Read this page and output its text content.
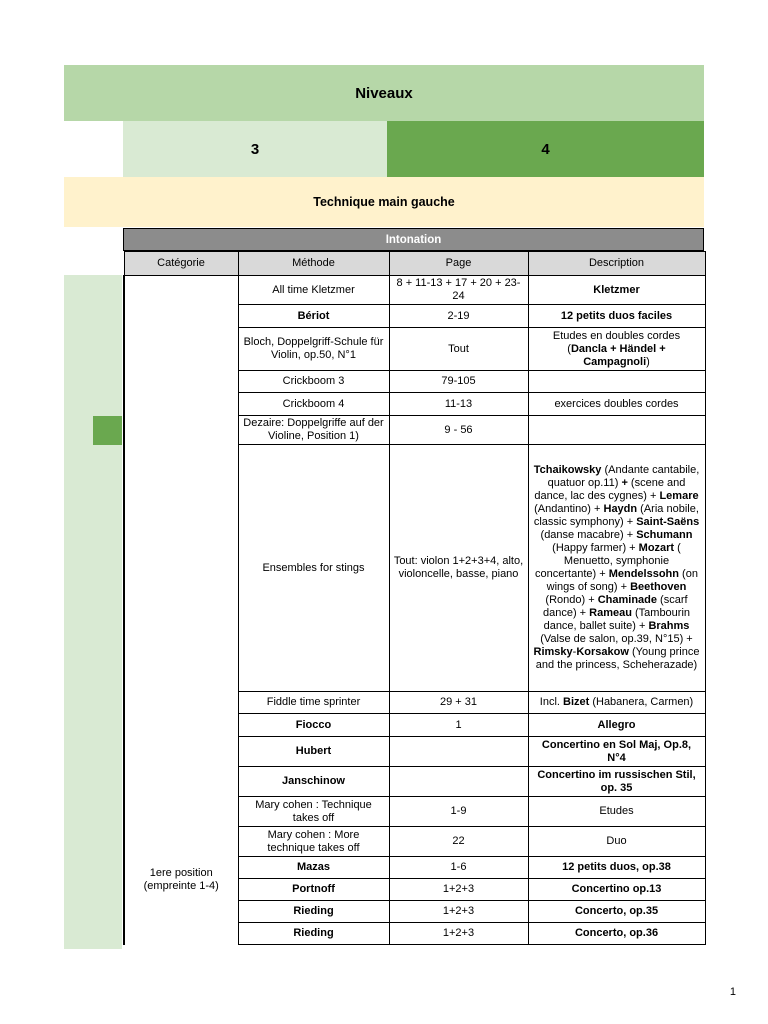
Niveaux
3	4
Technique main gauche
Intonation
Catégorie	Méthode	Page	Description

1ere position
(empreinte 1-4)	All time Kletzmer	8 + 11-13 + 17 + 20 + 23-24	Kletzmer
	Bériot	2-19	12 petits duos faciles
	Bloch, Doppelgriff-Schule für Violin, op.50, N°1	Tout	Etudes en doubles cordes (Dancla + Händel + Campagnoli)
	Crickboom 3	79-105	
	Crickboom 4	11-13	exercices doubles cordes
	Dezaire: Doppelgriffe auf der Violine, Position 1)	9 - 56	
	Ensembles for stings	Tout: violon 1+2+3+4, alto, violoncelle, basse, piano	Tchaikowsky (Andante cantabile, quatuor op.11) + (scene and dance, lac des cygnes) + Lemare (Andantino) + Haydn (Aria nobile, classic symphony) + Saint-Saëns (danse macabre) + Schumann (Happy farmer) + Mozart ( Menuetto, symphonie concertante) + Mendelssohn (on wings of song) + Beethoven (Rondo) + Chaminade (scarf dance) + Rameau (Tambourin dance, ballet suite) + Brahms (Valse de salon, op.39, N°15) + Rimsky-Korsakow (Young prince and the princess, Scheherazade)
	Fiddle time sprinter	29 + 31	Incl. Bizet (Habanera, Carmen)
	Fiocco	1	Allegro
	Hubert		Concertino en Sol Maj, Op.8, N°4
	Janschinow		Concertino im russischen Stil, op. 35
	Mary cohen : Technique takes off	1-9	Etudes
	Mary cohen : More technique takes off	22	Duo
	Mazas	1-6	12 petits duos, op.38
	Portnoff	1+2+3	Concertino op.13
	Rieding	1+2+3	Concerto, op.35
	Rieding	1+2+3	Concerto, op.36
1
